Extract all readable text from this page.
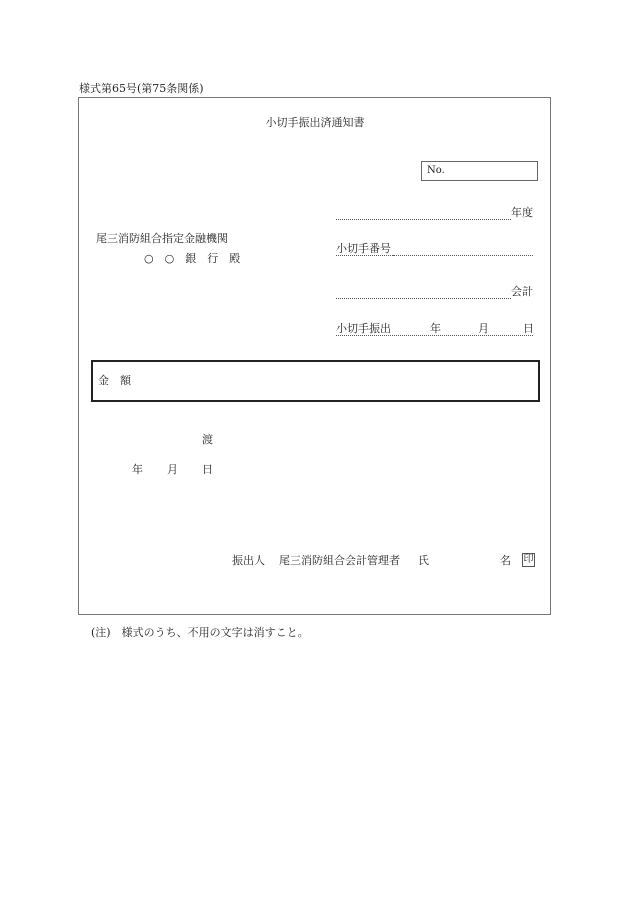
様式第65号(第75条関係)
小切手振出済通知書
No.
年度
小切手番号
会計
小切手振出	年	月	日
尾三消防組合指定金融機関
○　○　銀　行　殿
金　額
渡
年 月 日
振出人 尾三消防組合会計管理者 氏	名 印
(注)　様式のうち、不用の文字は消すこと。
